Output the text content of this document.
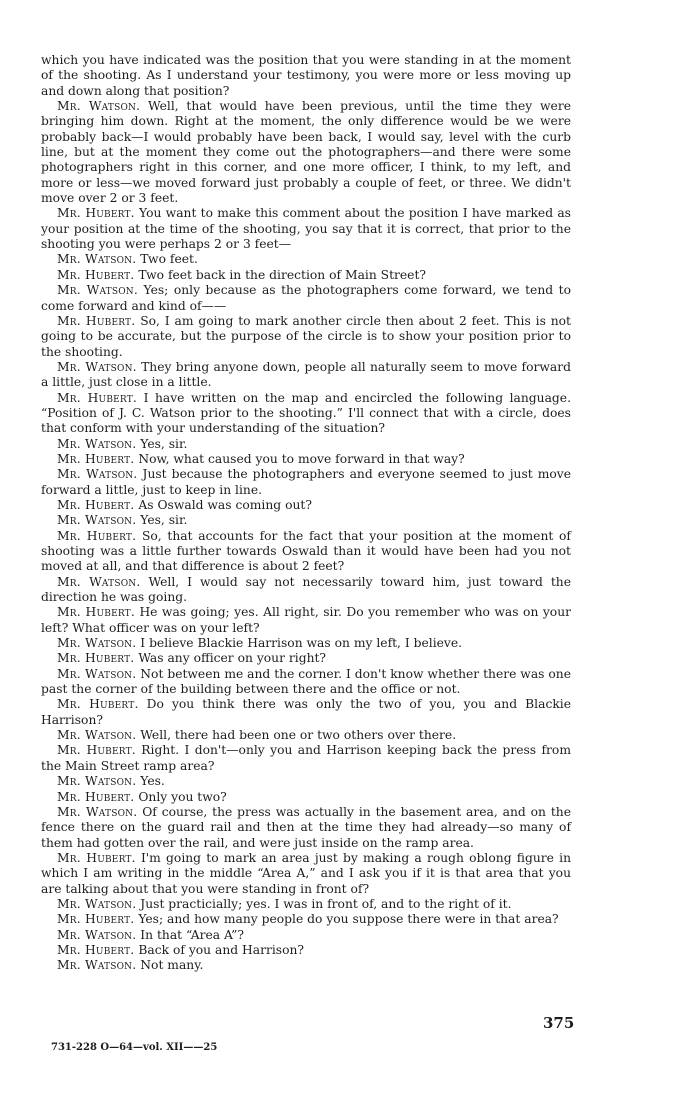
which you have indicated was the position that you were standing in at the moment of the shooting. As I understand your testimony, you were more or less moving up and down along that position?

Mr. Watson. Well, that would have been previous, until the time they were bringing him down. Right at the moment, the only difference would be we were probably back—I would probably have been back, I would say, level with the curb line, but at the moment they come out the photographers—and there were some photographers right in this corner, and one more officer, I think, to my left, and more or less—we moved forward just probably a couple of feet, or three. We didn't move over 2 or 3 feet.

Mr. Hubert. You want to make this comment about the position I have marked as your position at the time of the shooting, you say that it is correct, that prior to the shooting you were perhaps 2 or 3 feet—

Mr. Watson. Two feet.

Mr. Hubert. Two feet back in the direction of Main Street?

Mr. Watson. Yes; only because as the photographers come forward, we tend to come forward and kind of——

Mr. Hubert. So, I am going to mark another circle then about 2 feet. This is not going to be accurate, but the purpose of the circle is to show your position prior to the shooting.

Mr. Watson. They bring anyone down, people all naturally seem to move forward a little, just close in a little.

Mr. Hubert. I have written on the map and encircled the following language. “Position of J. C. Watson prior to the shooting.” I'll connect that with a circle, does that conform with your understanding of the situation?

Mr. Watson. Yes, sir.

Mr. Hubert. Now, what caused you to move forward in that way?

Mr. Watson. Just because the photographers and everyone seemed to just move forward a little, just to keep in line.

Mr. Hubert. As Oswald was coming out?

Mr. Watson. Yes, sir.

Mr. Hubert. So, that accounts for the fact that your position at the moment of shooting was a little further towards Oswald than it would have been had you not moved at all, and that difference is about 2 feet?

Mr. Watson. Well, I would say not necessarily toward him, just toward the direction he was going.

Mr. Hubert. He was going; yes. All right, sir. Do you remember who was on your left? What officer was on your left?

Mr. Watson. I believe Blackie Harrison was on my left, I believe.

Mr. Hubert. Was any officer on your right?

Mr. Watson. Not between me and the corner. I don't know whether there was one past the corner of the building between there and the office or not.

Mr. Hubert. Do you think there was only the two of you, you and Blackie Harrison?

Mr. Watson. Well, there had been one or two others over there.

Mr. Hubert. Right. I don't—only you and Harrison keeping back the press from the Main Street ramp area?

Mr. Watson. Yes.

Mr. Hubert. Only you two?

Mr. Watson. Of course, the press was actually in the basement area, and on the fence there on the guard rail and then at the time they had already—so many of them had gotten over the rail, and were just inside on the ramp area.

Mr. Hubert. I'm going to mark an area just by making a rough oblong figure in which I am writing in the middle “Area A,” and I ask you if it is that area that you are talking about that you were standing in front of?

Mr. Watson. Just practicially; yes. I was in front of, and to the right of it.

Mr. Hubert. Yes; and how many people do you suppose there were in that area?

Mr. Watson. In that “Area A”?

Mr. Hubert. Back of you and Harrison?

Mr. Watson. Not many.

375
731-228 O—64—vol. XII——25
